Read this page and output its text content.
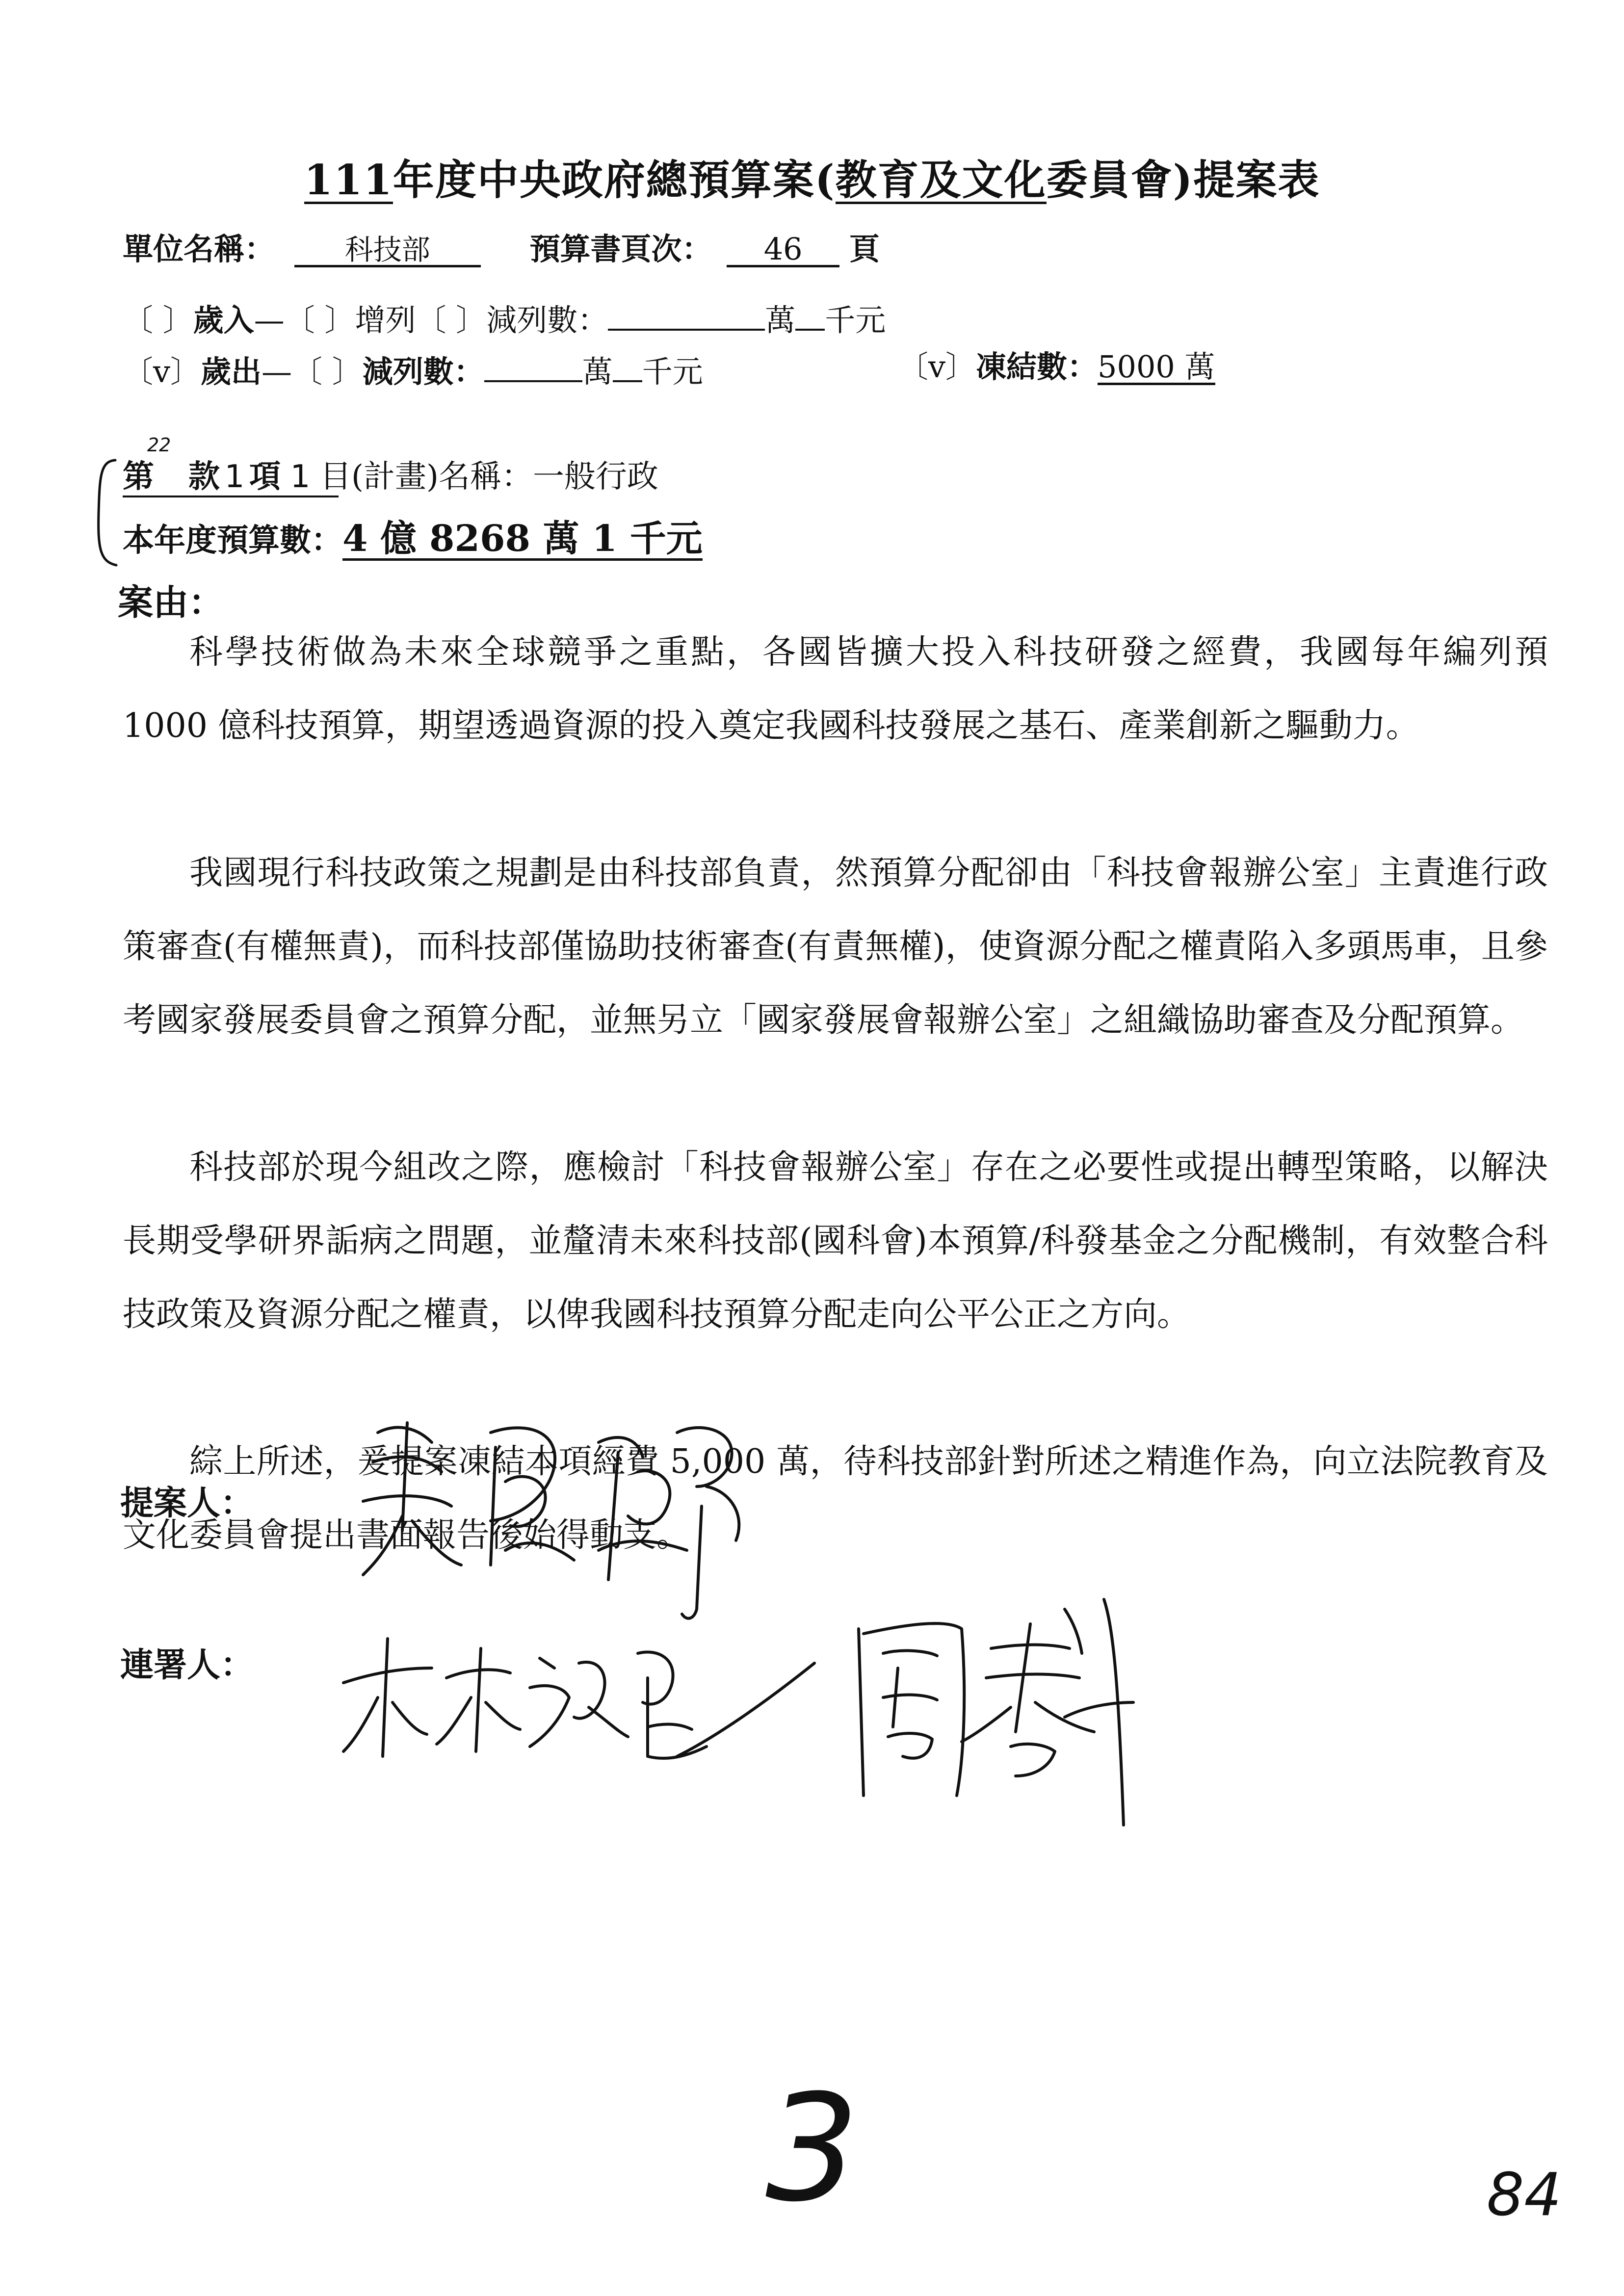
111年度中央政府總預算案(教育及文化委員會)提案表
單位名稱： 科技部	預算書頁次： 46 頁
〔 〕歲入—〔 〕增列〔 〕減列數：	萬 千元
〔v〕歲出—〔 〕減列數：	萬 千元	〔v〕凍結數：5000 萬
第 款 1 項 1 目(計畫)名稱：一般行政
22
本年度預算數：4 億 8268 萬 1 千元
案由：
科學技術做為未來全球競爭之重點，各國皆擴大投入科技研發之經費，我國每年編列預 1000 億科技預算，期望透過資源的投入奠定我國科技發展之基石、產業創新之驅動力。
我國現行科技政策之規劃是由科技部負責，然預算分配卻由「科技會報辦公室」主責進行政策審查(有權無責)，而科技部僅協助技術審查(有責無權)，使資源分配之權責陷入多頭馬車，且參考國家發展委員會之預算分配，並無另立「國家發展會報辦公室」之組織協助審查及分配預算。
科技部於現今組改之際，應檢討「科技會報辦公室」存在之必要性或提出轉型策略，以解決長期受學研界詬病之問題，並釐清未來科技部(國科會)本預算/科發基金之分配機制，有效整合科技政策及資源分配之權責，以俾我國科技預算分配走向公平公正之方向。
綜上所述，爰提案凍結本項經費 5,000 萬，待科技部針對所述之精進作為，向立法院教育及文化委員會提出書面報告後始得動支。
提案人：
連署人：
3	84
